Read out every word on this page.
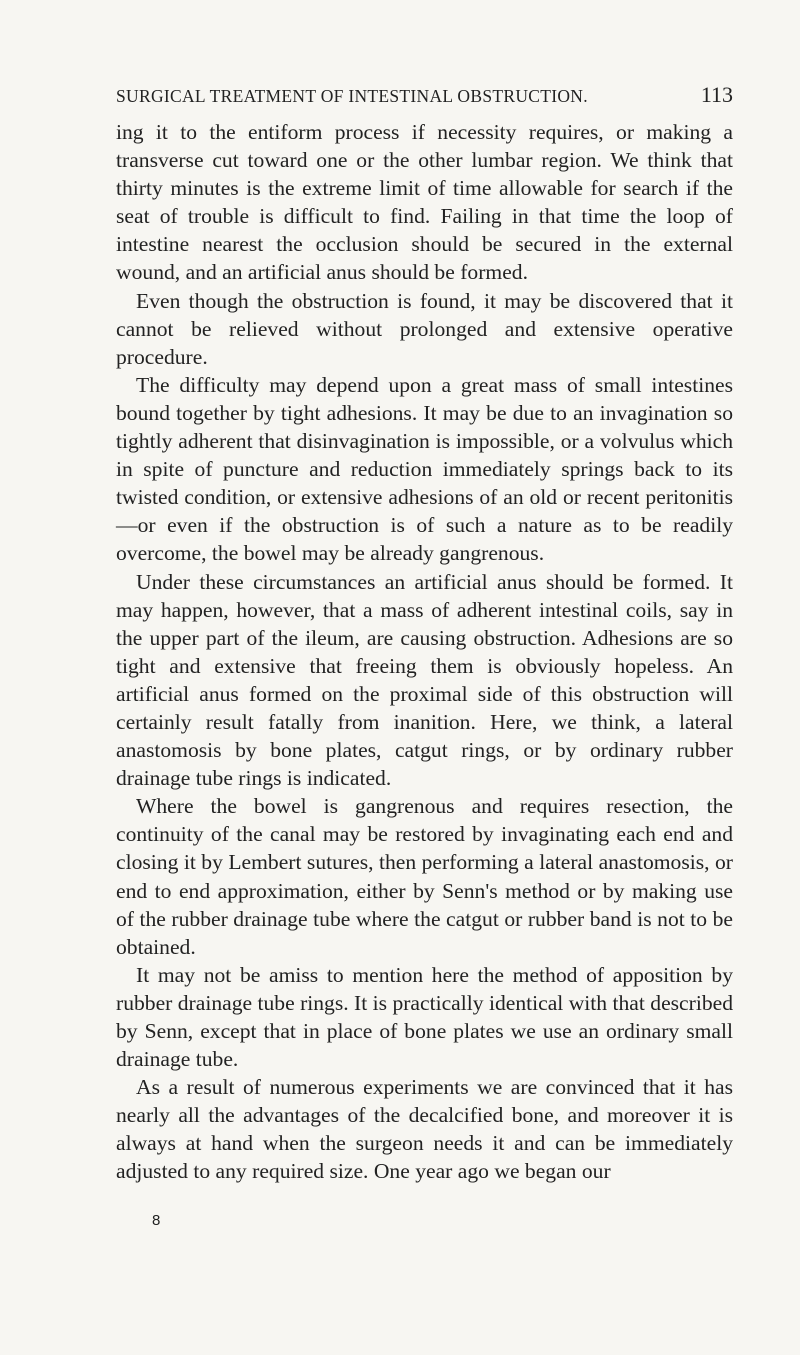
SURGICAL TREATMENT OF INTESTINAL OBSTRUCTION.	113

ing it to the entiform process if necessity requires, or making a transverse cut toward one or the other lumbar region. We think that thirty minutes is the extreme limit of time allowable for search if the seat of trouble is difficult to find. Failing in that time the loop of intestine nearest the occlusion should be secured in the external wound, and an artificial anus should be formed.

Even though the obstruction is found, it may be discovered that it cannot be relieved without prolonged and extensive operative procedure.

The difficulty may depend upon a great mass of small intestines bound together by tight adhesions. It may be due to an invagination so tightly adherent that disinvagination is impossible, or a volvulus which in spite of puncture and reduction immediately springs back to its twisted condition, or extensive adhesions of an old or recent peritonitis—or even if the obstruction is of such a nature as to be readily overcome, the bowel may be already gangrenous.

Under these circumstances an artificial anus should be formed. It may happen, however, that a mass of adherent intestinal coils, say in the upper part of the ileum, are causing obstruction. Adhesions are so tight and extensive that freeing them is obviously hopeless. An artificial anus formed on the proximal side of this obstruction will certainly result fatally from inanition. Here, we think, a lateral anastomosis by bone plates, catgut rings, or by ordinary rubber drainage tube rings is indicated.

Where the bowel is gangrenous and requires resection, the continuity of the canal may be restored by invaginating each end and closing it by Lembert sutures, then performing a lateral anastomosis, or end to end approximation, either by Senn's method or by making use of the rubber drainage tube where the catgut or rubber band is not to be obtained.

It may not be amiss to mention here the method of apposition by rubber drainage tube rings. It is practically identical with that described by Senn, except that in place of bone plates we use an ordinary small drainage tube.

As a result of numerous experiments we are convinced that it has nearly all the advantages of the decalcified bone, and moreover it is always at hand when the surgeon needs it and can be immediately adjusted to any required size. One year ago we began our

8
